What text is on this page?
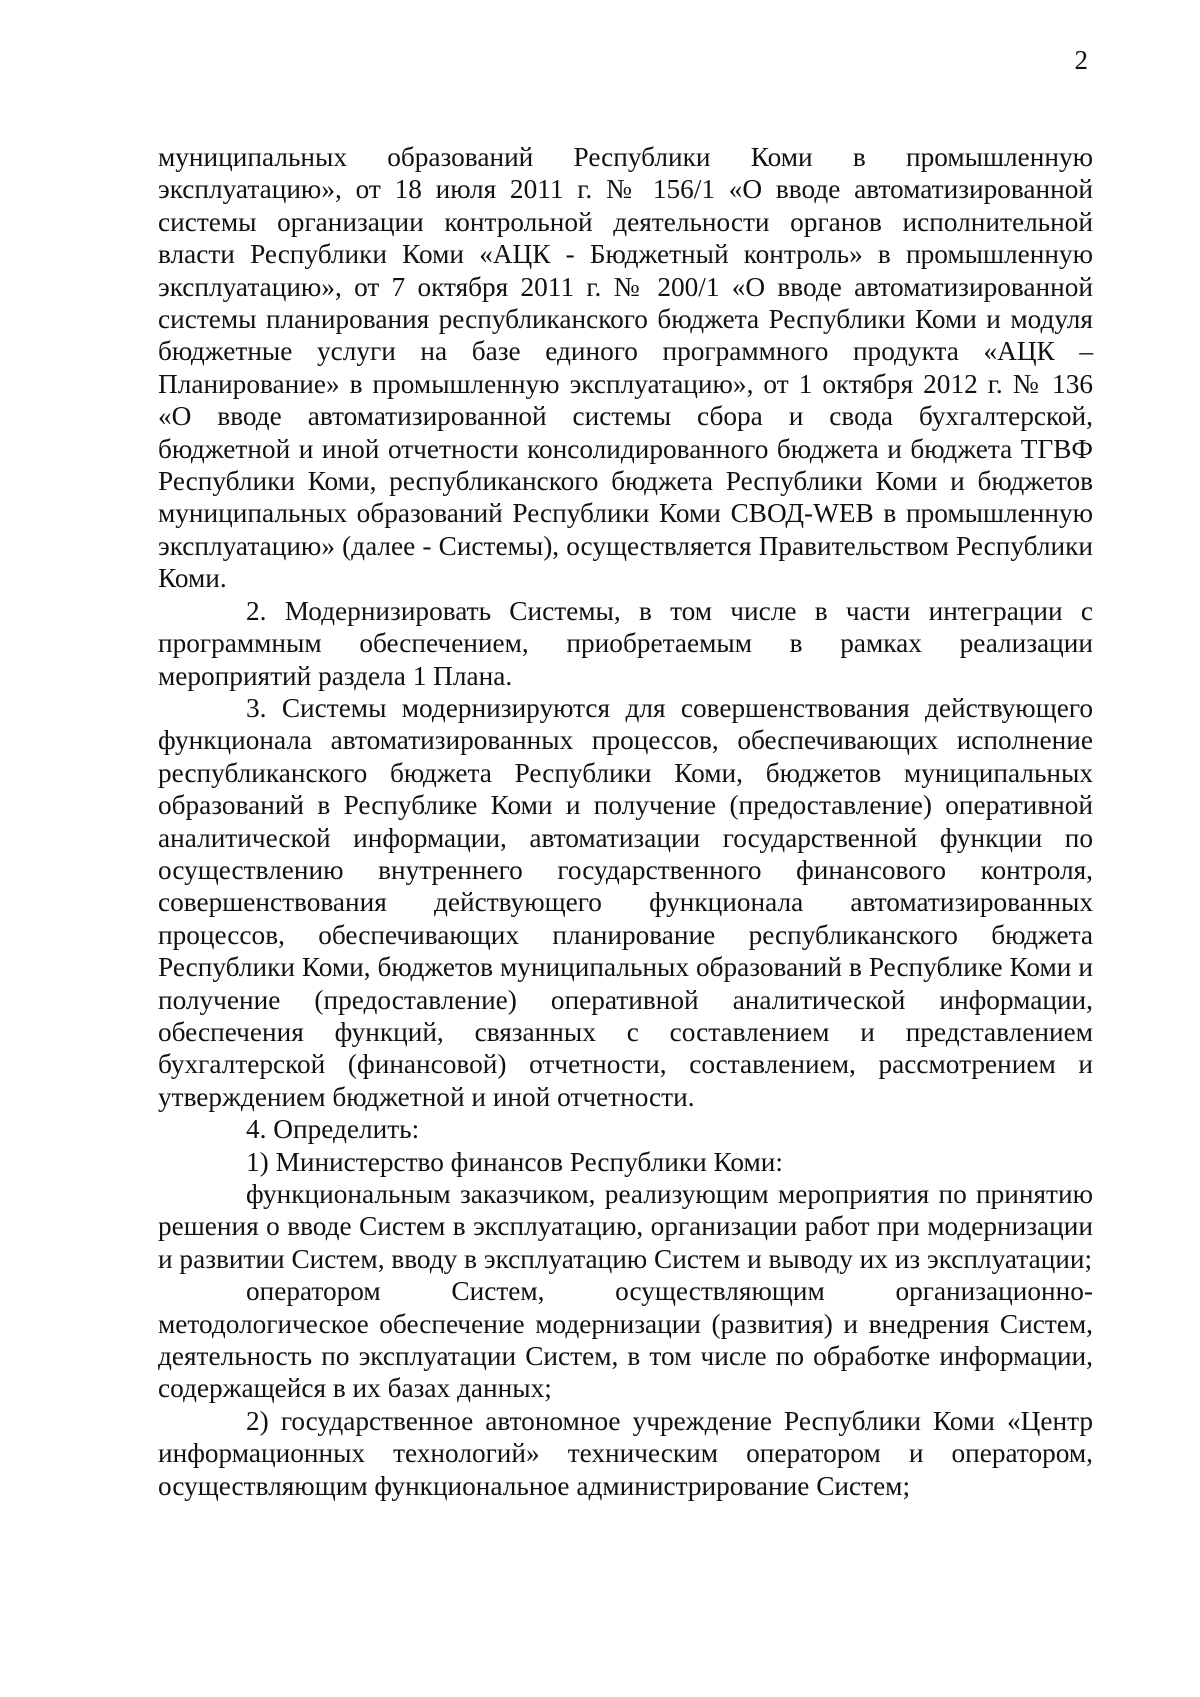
2

муниципальных образований Республики Коми в промышленную эксплуатацию», от 18 июля 2011 г. № 156/1 «О вводе автоматизированной системы организации контрольной деятельности органов исполнительной власти Республики Коми «АЦК - Бюджетный контроль» в промышленную эксплуатацию», от 7 октября 2011 г. № 200/1 «О вводе автоматизированной системы планирования республиканского бюджета Республики Коми и модуля бюджетные услуги на базе единого программного продукта «АЦК – Планирование» в промышленную эксплуатацию», от 1 октября 2012 г. № 136 «О вводе автоматизированной системы сбора и свода бухгалтерской, бюджетной и иной отчетности консолидированного бюджета и бюджета ТГВФ Республики Коми, республиканского бюджета Республики Коми и бюджетов муниципальных образований Республики Коми СВОД-WEB в промышленную эксплуатацию» (далее - Системы), осуществляется Правительством Республики Коми.

2. Модернизировать Системы, в том числе в части интеграции с программным обеспечением, приобретаемым в рамках реализации мероприятий раздела 1 Плана.

3. Системы модернизируются для совершенствования действующего функционала автоматизированных процессов, обеспечивающих исполнение республиканского бюджета Республики Коми, бюджетов муниципальных образований в Республике Коми и получение (предоставление) оперативной аналитической информации, автоматизации государственной функции по осуществлению внутреннего государственного финансового контроля, совершенствования действующего функционала автоматизированных процессов, обеспечивающих планирование республиканского бюджета Республики Коми, бюджетов муниципальных образований в Республике Коми и получение (предоставление) оперативной аналитической информации, обеспечения функций, связанных с составлением и представлением бухгалтерской (финансовой) отчетности, составлением, рассмотрением и утверждением бюджетной и иной отчетности.

4. Определить:

1) Министерство финансов Республики Коми:

функциональным заказчиком, реализующим мероприятия по принятию решения о вводе Систем в эксплуатацию, организации работ при модернизации и развитии Систем, вводу в эксплуатацию Систем и выводу их из эксплуатации;

оператором Систем, осуществляющим организационно-методологическое обеспечение модернизации (развития) и внедрения Систем, деятельность по эксплуатации Систем, в том числе по обработке информации, содержащейся в их базах данных;

2) государственное автономное учреждение Республики Коми «Центр информационных технологий» техническим оператором и оператором, осуществляющим функциональное администрирование Систем;
